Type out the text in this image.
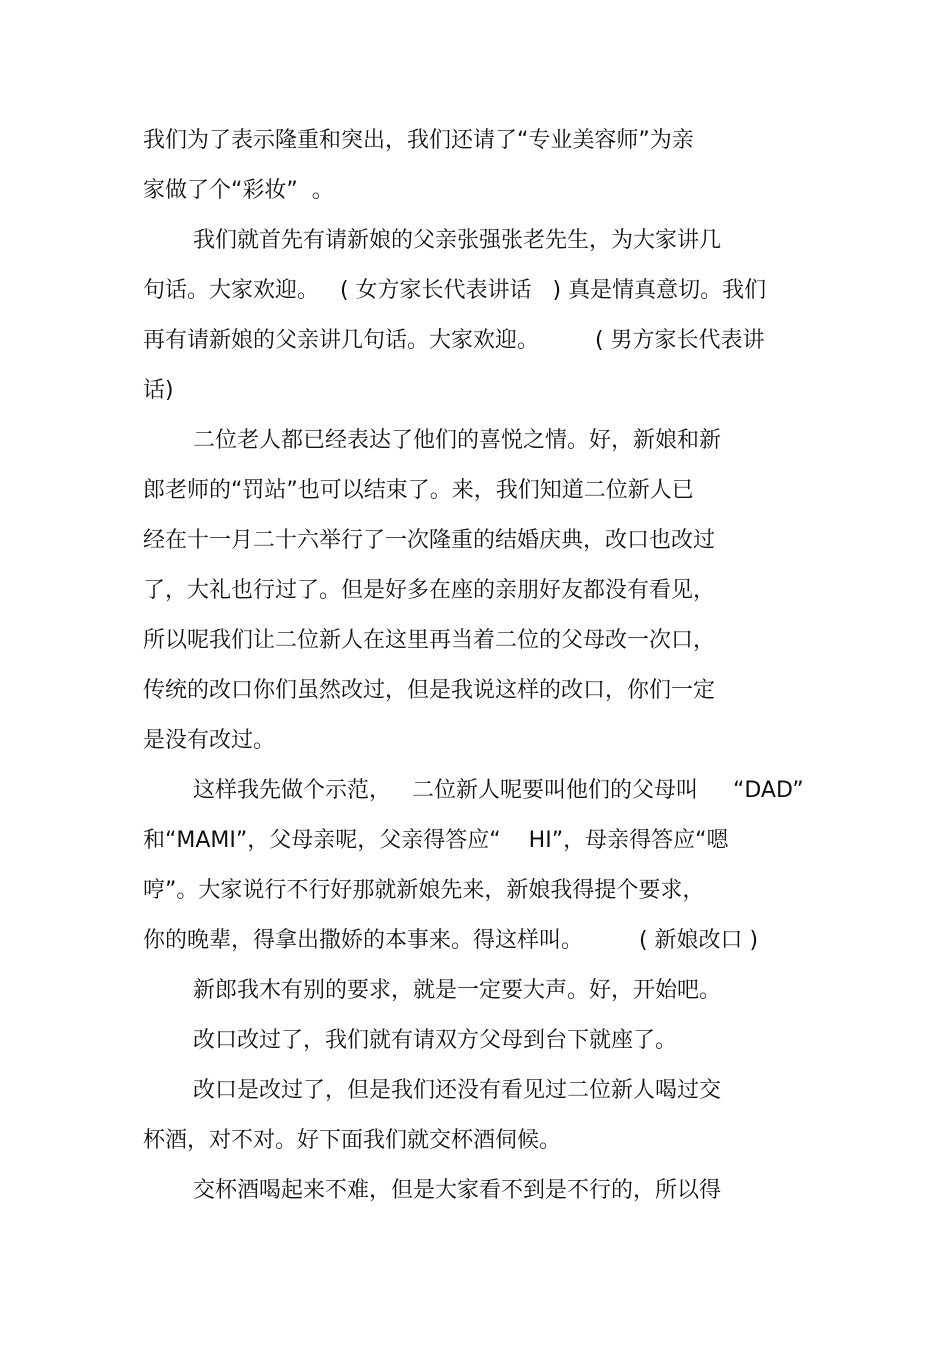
我们为了表示隆重和突出，我们还请了“专业美容师”为亲

家做了个“彩妆”  。

我们就首先有请新娘的父亲张强张老先生，为大家讲几

句话。大家欢迎。   ( 女方家长代表讲话   ) 真是情真意切。我们

再有请新娘的父亲讲几句话。大家欢迎。        ( 男方家长代表讲

话)

二位老人都已经表达了他们的喜悦之情。好，新娘和新

郎老师的“罚站”也可以结束了。来，我们知道二位新人已

经在十一月二十六举行了一次隆重的结婚庆典，改口也改过

了，大礼也行过了。但是好多在座的亲朋好友都没有看见，

所以呢我们让二位新人在这里再当着二位的父母改一次口，

传统的改口你们虽然改过，但是我说这样的改口，你们一定

是没有改过。

这样我先做个示范，   二位新人呢要叫他们的父母叫     “DAD”

和“MAMI”，父母亲呢，父亲得答应“    HI”，母亲得答应“嗯

哼”。大家说行不行好那就新娘先来，新娘我得提个要求，

你的晚辈，得拿出撒娇的本事来。得这样叫。        ( 新娘改口 )

新郎我木有别的要求，就是一定要大声。好，开始吧。

改口改过了，我们就有请双方父母到台下就座了。

改口是改过了，但是我们还没有看见过二位新人喝过交

杯酒，对不对。好下面我们就交杯酒伺候。

交杯酒喝起来不难，但是大家看不到是不行的，所以得
